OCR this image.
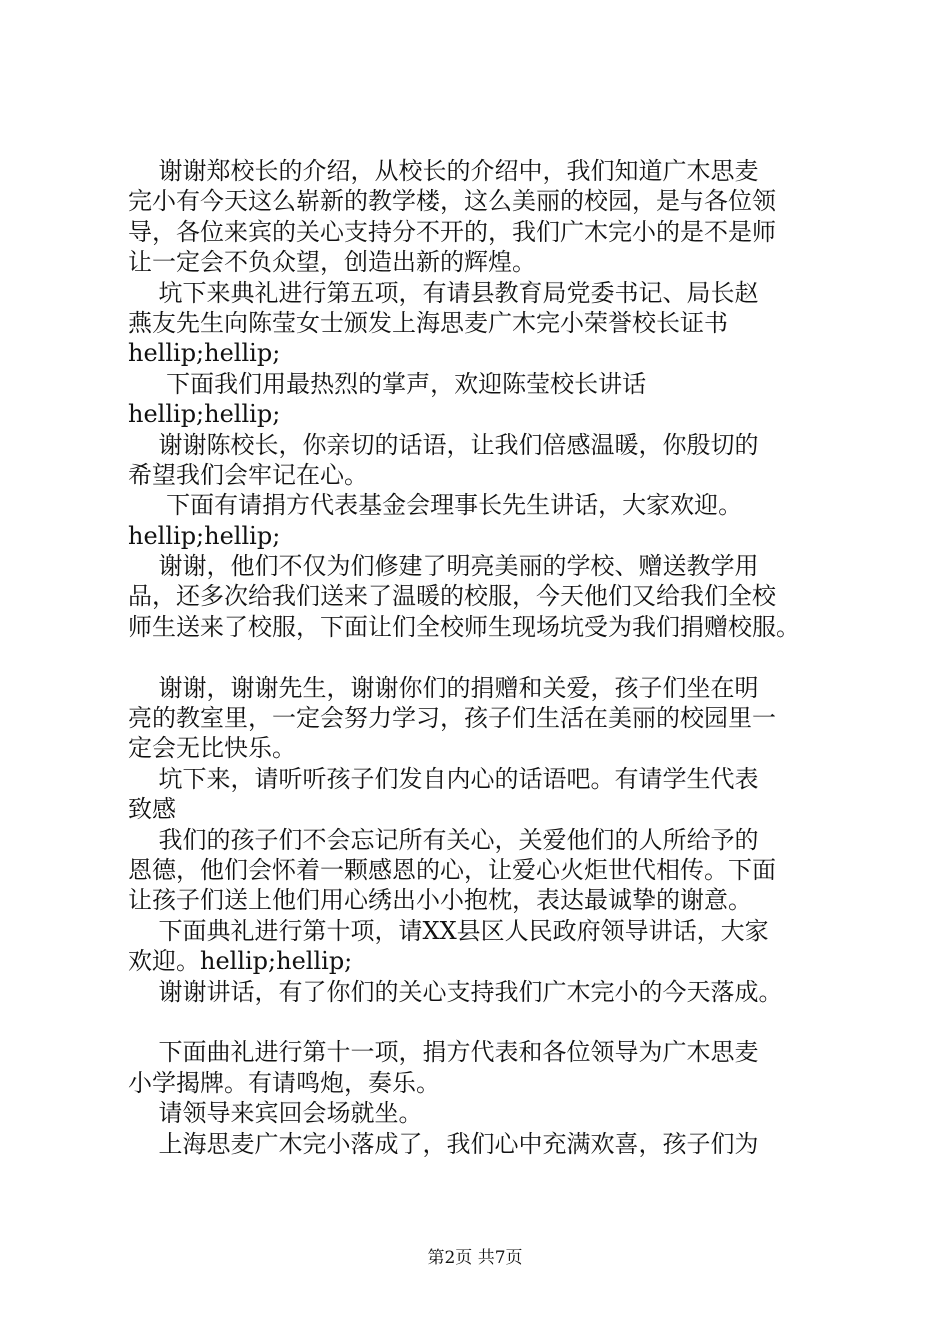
谢谢郑校长的介绍，从校长的介绍中，我们知道广木思麦
完小有今天这么崭新的教学楼，这么美丽的校园，是与各位领
导，各位来宾的关心支持分不开的，我们广木完小的是不是师
让一定会不负众望，创造出新的辉煌。
坑下来典礼进行第五项，有请县教育局党委书记、局长赵
燕友先生向陈莹女士颁发上海思麦广木完小荣誉校长证书
hellip;hellip;
下面我们用最热烈的掌声，欢迎陈莹校长讲话
hellip;hellip;
谢谢陈校长，你亲切的话语，让我们倍感温暖，你殷切的
希望我们会牢记在心。
下面有请捐方代表基金会理事长先生讲话，大家欢迎。
hellip;hellip;
谢谢，他们不仅为们修建了明亮美丽的学校、赠送教学用
品，还多次给我们送来了温暖的校服，今天他们又给我们全校
师生送来了校服，下面让们全校师生现场坑受为我们捐赠校服。
谢谢，谢谢先生，谢谢你们的捐赠和关爱，孩子们坐在明
亮的教室里，一定会努力学习，孩子们生活在美丽的校园里一
定会无比快乐。
坑下来，请听听孩子们发自内心的话语吧。有请学生代表
致感
我们的孩子们不会忘记所有关心，关爱他们的人所给予的
恩德，他们会怀着一颗感恩的心，让爱心火炬世代相传。下面
让孩子们送上他们用心绣出小小抱枕，表达最诚挚的谢意。
下面典礼进行第十项，请XX县区人民政府领导讲话，大家
欢迎。hellip;hellip;
谢谢讲话，有了你们的关心支持我们广木完小的今天落成。
下面曲礼进行第十一项，捐方代表和各位领导为广木思麦
小学揭牌。有请鸣炮，奏乐。
请领导来宾回会场就坐。
上海思麦广木完小落成了，我们心中充满欢喜，孩子们为
第2页 共7页
